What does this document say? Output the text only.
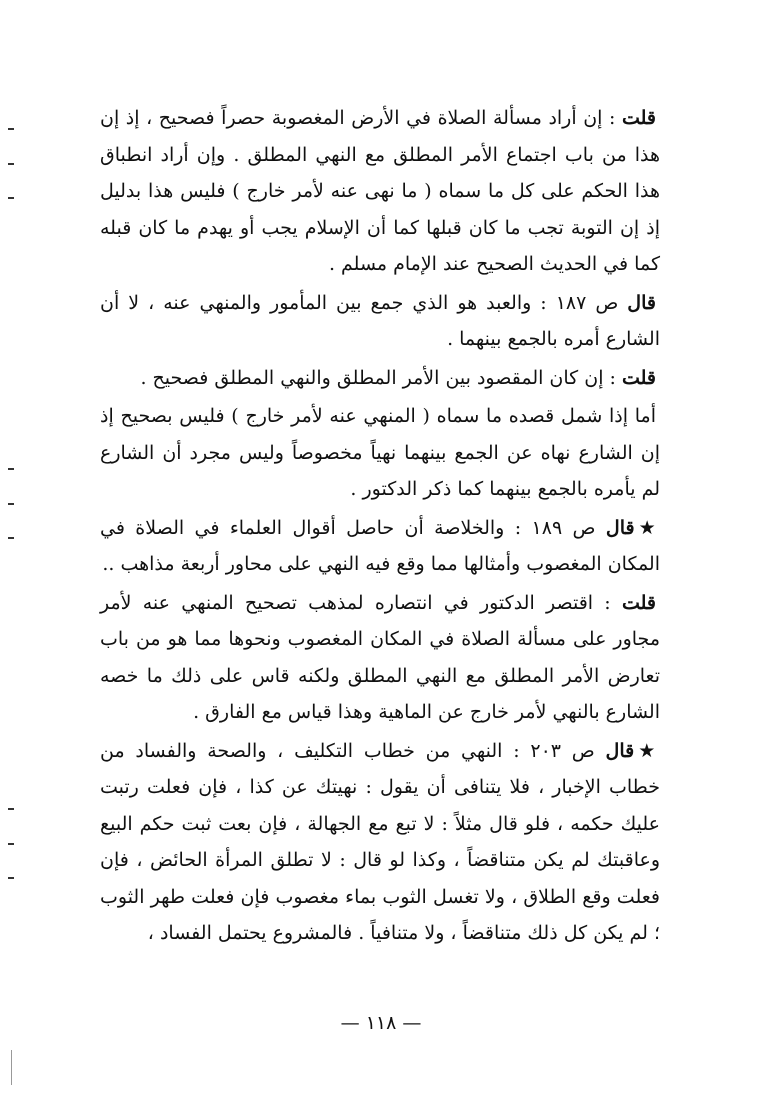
قلت : إن أراد مسألة الصلاة في الأرض المغصوبة حصراً فصحيح ، إذ إن هذا من باب اجتماع الأمر المطلق مع النهي المطلق . وإن أراد انطباق هذا الحكم على كل ما سماه ( ما نهى عنه لأمر خارج ) فليس هذا بدليل إذ إن التوبة تجب ما كان قبلها كما أن الإسلام يجب أو يهدم ما كان قبله كما في الحديث الصحيح عند الإمام مسلم .

قال ص ١٨٧ : والعبد هو الذي جمع بين المأمور والمنهي عنه ، لا أن الشارع أمره بالجمع بينهما .

قلت : إن كان المقصود بين الأمر المطلق والنهي المطلق فصحيح .

أما إذا شمل قصده ما سماه ( المنهي عنه لأمر خارج ) فليس بصحيح إذ إن الشارع نهاه عن الجمع بينهما نهياً مخصوصاً وليس مجرد أن الشارع لم يأمره بالجمع بينهما كما ذكر الدكتور .

★قال ص ١٨٩ : والخلاصة أن حاصل أقوال العلماء في الصلاة في المكان المغصوب وأمثالها مما وقع فيه النهي على محاور أربعة مذاهب ..

قلت : اقتصر الدكتور في انتصاره لمذهب تصحيح المنهي عنه لأمر مجاور على مسألة الصلاة في المكان المغصوب ونحوها مما هو من باب تعارض الأمر المطلق مع النهي المطلق ولكنه قاس على ذلك ما خصه الشارع بالنهي لأمر خارج عن الماهية وهذا قياس مع الفارق .

★قال ص ٢٠٣ : النهي من خطاب التكليف ، والصحة والفساد من خطاب الإخبار ، فلا يتنافى أن يقول : نهيتك عن كذا ، فإن فعلت رتبت عليك حكمه ، فلو قال مثلاً : لا تبع مع الجهالة ، فإن بعت ثبت حكم البيع وعاقبتك لم يكن متناقضاً ، وكذا لو قال : لا تطلق المرأة الحائض ، فإن فعلت وقع الطلاق ، ولا تغسل الثوب بماء مغصوب فإن فعلت طهر الثوب ؛ لم يكن كل ذلك متناقضاً ، ولا متنافياً . فالمشروع يحتمل الفساد ،

— ١١٨ —
